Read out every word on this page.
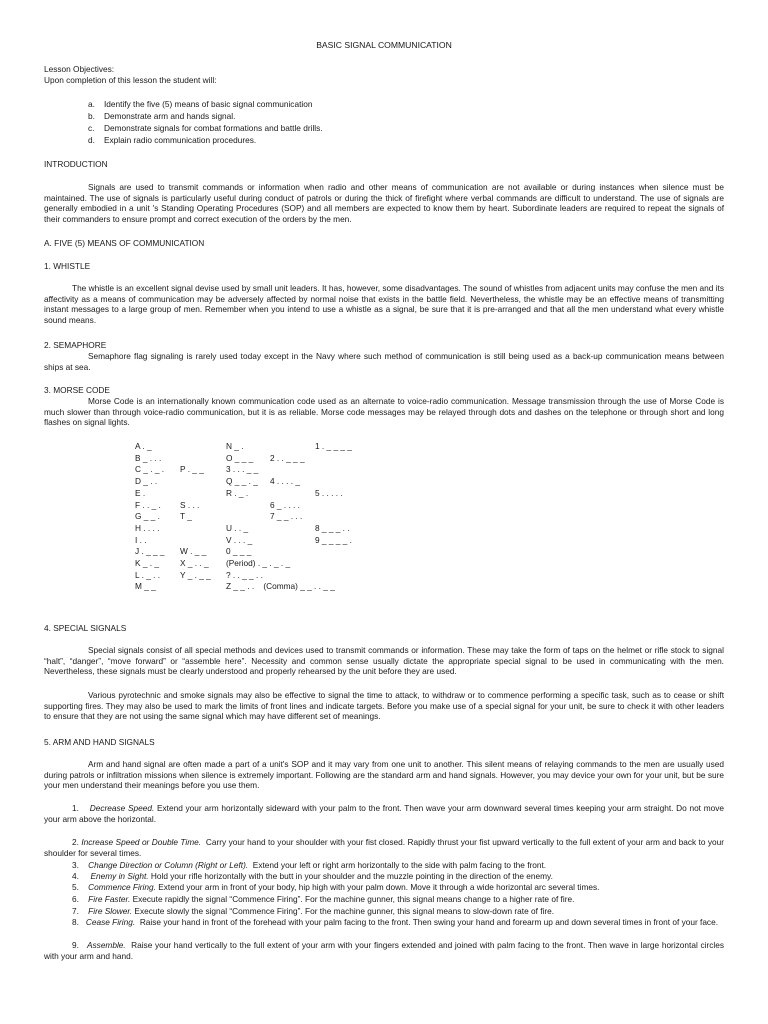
BASIC SIGNAL COMMUNICATION

Lesson Objectives:

Upon completion of this lesson the student will:

a. Identify the five (5) means of basic signal communication

b. Demonstrate arm and hands signal.

c. Demonstrate signals for combat formations and battle drills.

d. Explain radio communication procedures.

INTRODUCTION

Signals are used to transmit commands or information when radio and other means of communication are not available or during instances when silence must be maintained. The use of signals is particularly useful during conduct of patrols or during the thick of firefight where verbal commands are difficult to understand. The use of signals are generally embodied in a unit 's Standing Operating Procedures (SOP) and all members are expected to know them by heart. Subordinate leaders are required to repeat the signals of their commanders to ensure prompt and correct execution of the orders by the men.

A. FIVE (5) MEANS OF COMMUNICATION

1. WHISTLE

The whistle is an excellent signal devise used by small unit leaders. It has, however, some disadvantages. The sound of whistles from adjacent units may confuse the men and its affectivity as a means of communication may be adversely affected by normal noise that exists in the battle field. Nevertheless, the whistle may be an effective means of transmitting instant messages to a large group of men. Remember when you intend to use a whistle as a signal, be sure that it is pre-arranged and that all the men understand what every whistle sound means.

2. SEMAPHORE

Semaphore flag signaling is rarely used today except in the Navy where such method of communication is still being used as a back-up communication means between ships at sea.

3. MORSE CODE

Morse Code is an internationally known communication code used as an alternate to voice-radio communication. Message transmission through the use of Morse Code is much slower than through voice-radio communication, but it is as reliable. Morse code messages may be relayed through dots and dashes on the telephone or through short and long flashes on signal lights.

A . _
B _ . . .
C _ . _ .
D _ . .
E .
F . . _ .
G _ _ .
H . . . .
I . .
J . _ _ _
K _ . _
L . _ . .
M _ _
P . _ _
S . . .
T _
W . _ _
X _ . . _
Y _ . _ _
N _ .
O _ _ _
3 . . . _ _
Q _ _ . _
R . _ .
U . . _
V . . . _
0 _ _ _
(Period) . _ . _ . _
? . . _ _ . .
Z _ _ . .    (Comma) _ _ . . _ _
1 . _ _ _ _
2 . . _ _ _
4 . . . . _
5 . . . . .
6 _ . . . .
7 _ _ . . .
8 _ _ _ . .
9 _ _ _ _ .

4. SPECIAL SIGNALS

Special signals consist of all special methods and devices used to transmit commands or information. These may take the form of taps on the helmet or rifle stock to signal “halt”, “danger”, “move forward” or “assemble here”. Necessity and common sense usually dictate the appropriate special signal to be used in communicating with the men. Nevertheless, these signals must be clearly understood and properly rehearsed by the unit before they are used.

Various pyrotechnic and smoke signals may also be effective to signal the time to attack, to withdraw or to commence performing a specific task, such as to cease or shift supporting fires. They may also be used to mark the limits of front lines and indicate targets. Before you make use of a special signal for your unit, be sure to check it with other leaders to ensure that they are not using the same signal which may have different set of meanings.

5. ARM AND HAND SIGNALS

Arm and hand signal are often made a part of a unit's SOP and it may vary from one unit to another. This silent means of relaying commands to the men are usually used during patrols or infiltration missions when silence is extremely important. Following are the standard arm and hand signals. However, you may device your own for your unit, but be sure your men understand their meanings before you use them.

1. Decrease Speed. Extend your arm horizontally sideward with your palm to the front. Then wave your arm downward several times keeping your arm straight. Do not move your arm above the horizontal.

2. Increase Speed or Double Time. Carry your hand to your shoulder with your fist closed. Rapidly thrust your fist upward vertically to the full extent of your arm and back to your shoulder for several times.

3. Change Direction or Column (Right or Left). Extend your left or right arm horizontally to the side with palm facing to the front.

4. Enemy in Sight. Hold your rifle horizontally with the butt in your shoulder and the muzzle pointing in the direction of the enemy.

5. Commence Firing. Extend your arm in front of your body, hip high with your palm down. Move it through a wide horizontal arc several times.

6. Fire Faster. Execute rapidly the signal “Commence Firing”. For the machine gunner, this signal means change to a higher rate of fire.

7. Fire Slower. Execute slowly the signal “Commence Firing”. For the machine gunner, this signal means to slow-down rate of fire.

8. Cease Firing. Raise your hand in front of the forehead with your palm facing to the front. Then swing your hand and forearm up and down several times in front of your face.

9. Assemble. Raise your hand vertically to the full extent of your arm with your fingers extended and joined with palm facing to the front. Then wave in large horizontal circles with your arm and hand.
